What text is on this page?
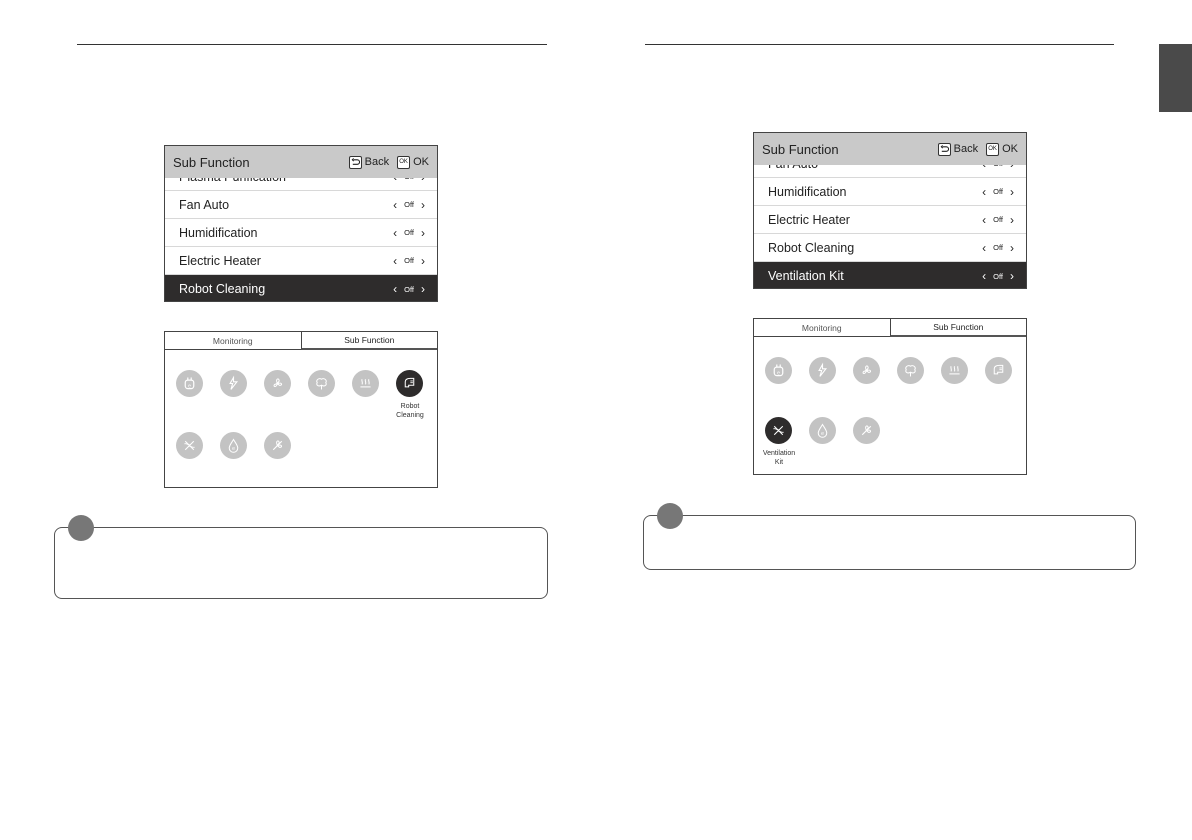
Sub Function	Back	OK OK
Fan Auto	‹ Off ›
Humidification	‹ Off ›
Electric Heater	‹ Off ›
Robot Cleaning	‹ Off ›
Monitoring	Sub Function
e
Robot
Cleaning
e
Sub Function	Back	OK OK
Humidification	‹ Off ›
Electric Heater	‹ Off ›
Robot Cleaning	‹ Off ›
Ventilation Kit	‹ Off ›
Monitoring	Sub Function
e
Ventilation
Kit
e
